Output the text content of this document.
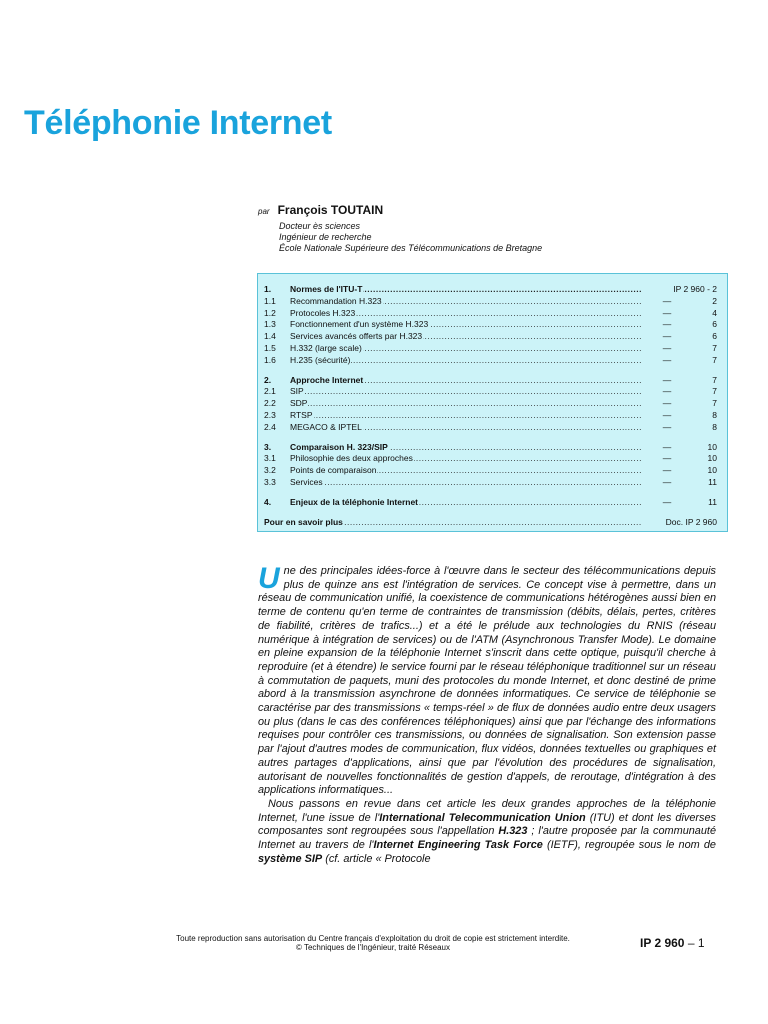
Téléphonie Internet
par François TOUTAIN
Docteur ès sciences
Ingénieur de recherche
École Nationale Supérieure des Télécommunications de Bretagne
1.	Normes de l'ITU-T .....	IP 2 960 - 2
1.1	Recommandation H.323 .....	—	2
1.2	Protocoles H.323 .....	—	4
1.3	Fonctionnement d'un système H.323 .....	—	6
1.4	Services avancés offerts par H.323 .....	—	6
1.5	H.332 (large scale) .....	—	7
1.6	H.235 (sécurité) .....	—	7
2.	Approche Internet .....	—	7
2.1	SIP .....	—	7
2.2	SDP .....	—	7
2.3	RTSP .....	—	8
2.4	MEGACO & IPTEL .....	—	8
3.	Comparaison H. 323/SIP .....	—	10
3.1	Philosophie des deux approches .....	—	10
3.2	Points de comparaison .....	—	10
3.3	Services .....	—	11
4.	Enjeux de la téléphonie Internet .....	—	11
Pour en savoir plus .....	Doc. IP 2 960

Une des principales idées-force à l'œuvre dans le secteur des télécommunications depuis plus de quinze ans est l'intégration de services. Ce concept vise à permettre, dans un réseau de communication unifié, la coexistence de communications hétérogènes aussi bien en terme de contenu qu'en terme de contraintes de transmission (débits, délais, pertes, critères de fiabilité, critères de trafics...) et a été le prélude aux technologies du RNIS (réseau numérique à intégration de services) ou de l'ATM (Asynchronous Transfer Mode). Le domaine en pleine expansion de la téléphonie Internet s'inscrit dans cette optique, puisqu'il cherche à reproduire (et à étendre) le service fourni par le réseau téléphonique traditionnel sur un réseau à commutation de paquets, muni des protocoles du monde Internet, et donc destiné de prime abord à la transmission asynchrone de données informatiques. Ce service de téléphonie se caractérise par des transmissions « temps-réel » de flux de données audio entre deux usagers ou plus (dans le cas des conférences téléphoniques) ainsi que par l'échange des informations requises pour contrôler ces transmissions, ou données de signalisation. Son extension passe par l'ajout d'autres modes de communication, flux vidéos, données textuelles ou graphiques et autres partages d'applications, ainsi que par l'évolution des procédures de signalisation, autorisant de nouvelles fonctionnalités de gestion d'appels, de reroutage, d'intégration à des applications informatiques...

Nous passons en revue dans cet article les deux grandes approches de la téléphonie Internet, l'une issue de l'International Telecommunication Union (ITU) et dont les diverses composantes sont regroupées sous l'appellation H.323 ; l'autre proposée par la communauté Internet au travers de l'Internet Engineering Task Force (IETF), regroupée sous le nom de système SIP (cf. article « Protocole

Toute reproduction sans autorisation du Centre français d'exploitation du droit de copie est strictement interdite.
© Techniques de l'Ingénieur, traité Réseaux	IP 2 960 – 1
